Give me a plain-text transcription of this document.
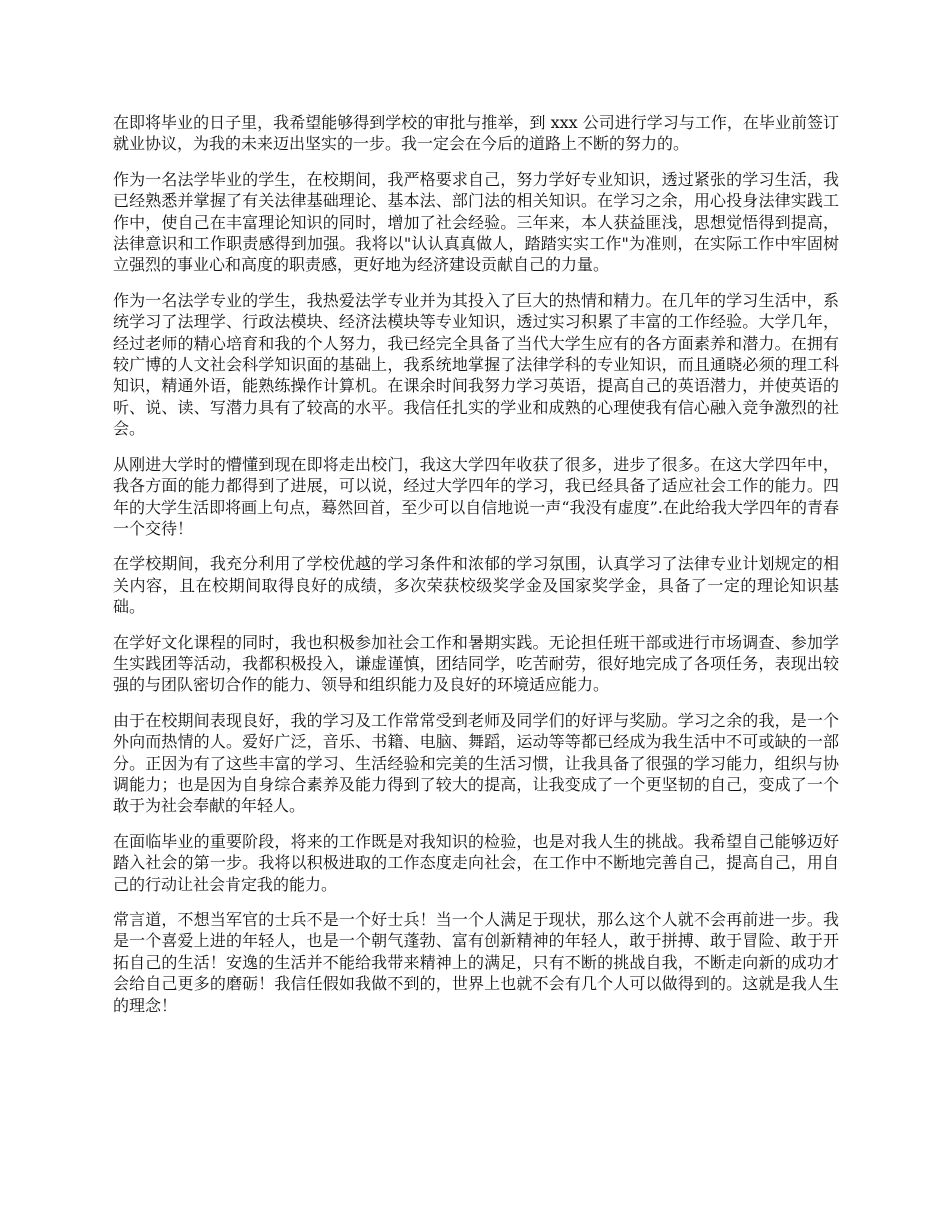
在即将毕业的日子里，我希望能够得到学校的审批与推举，到 xxx 公司进行学习与工作，在毕业前签订就业协议，为我的未来迈出坚实的一步。我一定会在今后的道路上不断的努力的。

作为一名法学毕业的学生，在校期间，我严格要求自己，努力学好专业知识，透过紧张的学习生活，我已经熟悉并掌握了有关法律基础理论、基本法、部门法的相关知识。在学习之余，用心投身法律实践工作中，使自己在丰富理论知识的同时，增加了社会经验。三年来，本人获益匪浅，思想觉悟得到提高，法律意识和工作职责感得到加强。我将以"认认真真做人，踏踏实实工作"为准则，在实际工作中牢固树立强烈的事业心和高度的职责感，更好地为经济建设贡献自己的力量。

作为一名法学专业的学生，我热爱法学专业并为其投入了巨大的热情和精力。在几年的学习生活中，系统学习了法理学、行政法模块、经济法模块等专业知识，透过实习积累了丰富的工作经验。大学几年，经过老师的精心培育和我的个人努力，我已经完全具备了当代大学生应有的各方面素养和潜力。在拥有较广博的人文社会科学知识面的基础上，我系统地掌握了法律学科的专业知识，而且通晓必须的理工科知识，精通外语，能熟练操作计算机。在课余时间我努力学习英语，提高自己的英语潜力，并使英语的听、说、读、写潜力具有了较高的水平。我信任扎实的学业和成熟的心理使我有信心融入竞争激烈的社会。

从刚进大学时的懵懂到现在即将走出校门，我这大学四年收获了很多，进步了很多。在这大学四年中，我各方面的能力都得到了进展，可以说，经过大学四年的学习，我已经具备了适应社会工作的能力。四年的大学生活即将画上句点，蓦然回首，至少可以自信地说一声“我没有虚度”.在此给我大学四年的青春一个交待！

在学校期间，我充分利用了学校优越的学习条件和浓郁的学习氛围，认真学习了法律专业计划规定的相关内容，且在校期间取得良好的成绩，多次荣获校级奖学金及国家奖学金，具备了一定的理论知识基础。

在学好文化课程的同时，我也积极参加社会工作和暑期实践。无论担任班干部或进行市场调查、参加学生实践团等活动，我都积极投入，谦虚谨慎，团结同学，吃苦耐劳，很好地完成了各项任务，表现出较强的与团队密切合作的能力、领导和组织能力及良好的环境适应能力。

由于在校期间表现良好，我的学习及工作常常受到老师及同学们的好评与奖励。学习之余的我，是一个外向而热情的人。爱好广泛，音乐、书籍、电脑、舞蹈，运动等等都已经成为我生活中不可或缺的一部分。正因为有了这些丰富的学习、生活经验和完美的生活习惯，让我具备了很强的学习能力，组织与协调能力；也是因为自身综合素养及能力得到了较大的提高，让我变成了一个更坚韧的自己，变成了一个敢于为社会奉献的年轻人。

在面临毕业的重要阶段，将来的工作既是对我知识的检验，也是对我人生的挑战。我希望自己能够迈好踏入社会的第一步。我将以积极进取的工作态度走向社会，在工作中不断地完善自己，提高自己，用自己的行动让社会肯定我的能力。

常言道，不想当军官的士兵不是一个好士兵！当一个人满足于现状，那么这个人就不会再前进一步。我是一个喜爱上进的年轻人，也是一个朝气蓬勃、富有创新精神的年轻人，敢于拼搏、敢于冒险、敢于开拓自己的生活！安逸的生活并不能给我带来精神上的满足，只有不断的挑战自我，不断走向新的成功才会给自己更多的磨砺！我信任假如我做不到的，世界上也就不会有几个人可以做得到的。这就是我人生的理念！
